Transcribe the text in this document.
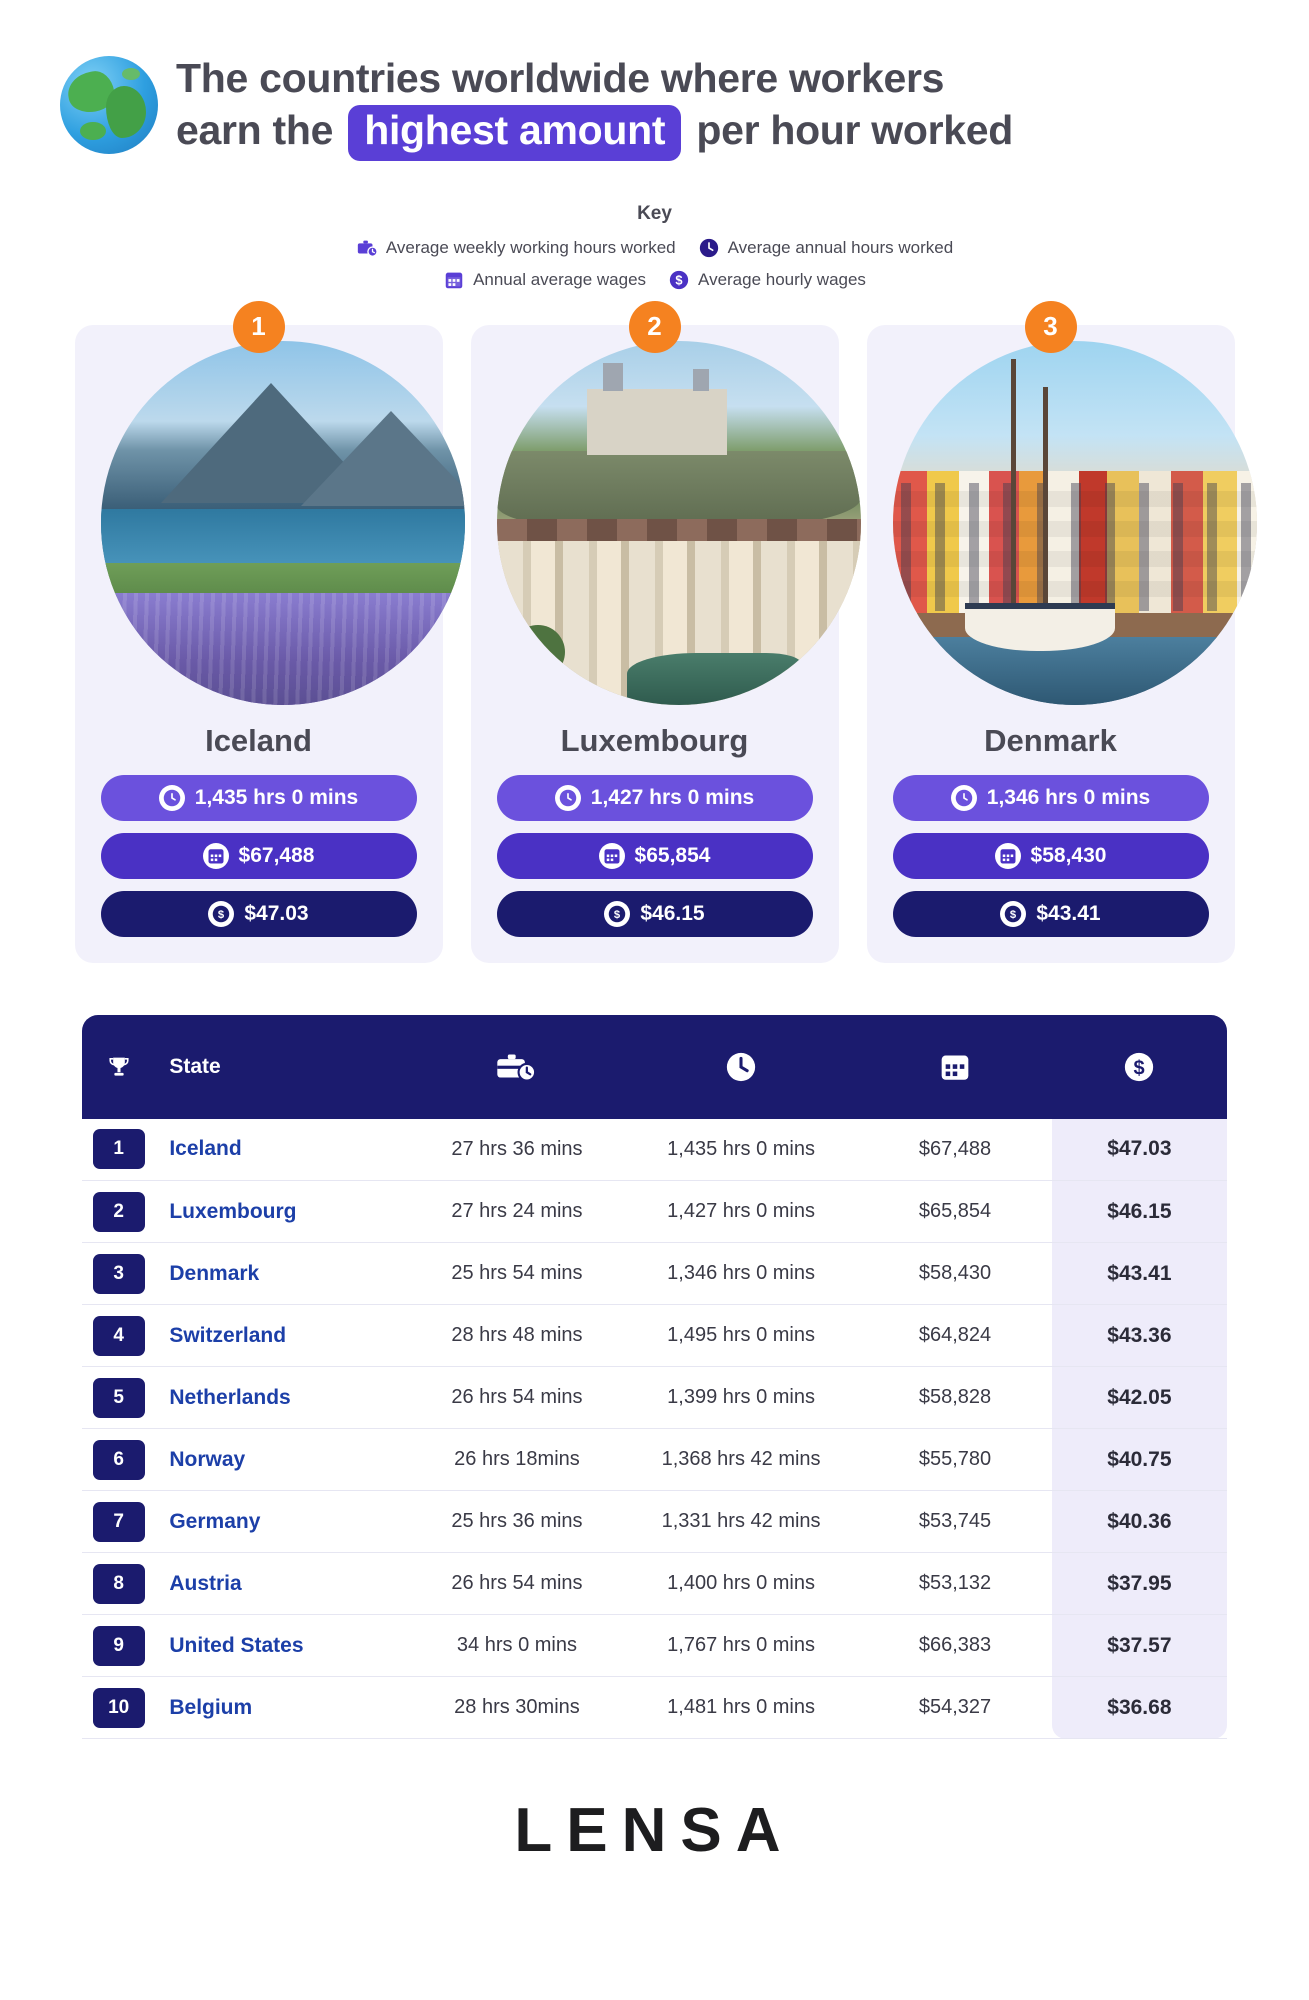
The countries worldwide where workers
earn the highest amount per hour worked
Key
Average weekly working hours worked	Average annual hours worked
Annual average wages $ Average hourly wages
1
Iceland
1,435 hrs 0 mins
$67,488
$ $47.03
2
Luxembourg
1,427 hrs 0 mins
$65,854
$ $46.15
3
Denmark
1,346 hrs 0 mins
$58,430
$ $43.41
	State				$

1	Iceland	27 hrs 36 mins	1,435 hrs 0 mins	$67,488	$47.03

2	Luxembourg	27 hrs 24 mins	1,427 hrs 0 mins	$65,854	$46.15

3	Denmark	25 hrs 54 mins	1,346 hrs 0 mins	$58,430	$43.41

4	Switzerland	28 hrs 48 mins	1,495 hrs 0 mins	$64,824	$43.36

5	Netherlands	26 hrs 54 mins	1,399 hrs 0 mins	$58,828	$42.05

6	Norway	26 hrs 18mins	1,368 hrs 42 mins	$55,780	$40.75

7	Germany	25 hrs 36 mins	1,331 hrs 42 mins	$53,745	$40.36

8	Austria	26 hrs 54 mins	1,400 hrs 0 mins	$53,132	$37.95

9	United States	34 hrs 0 mins	1,767 hrs 0 mins	$66,383	$37.57

10	Belgium	28 hrs 30mins	1,481 hrs 0 mins	$54,327	$36.68
LENSA
